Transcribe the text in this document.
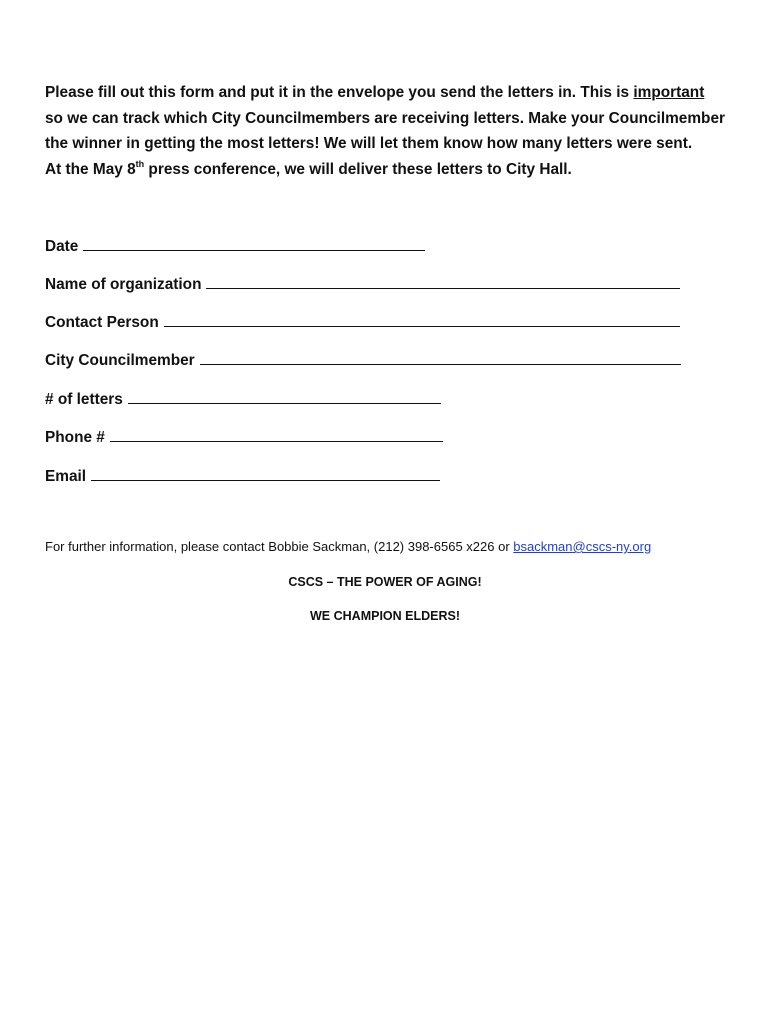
Please fill out this form and put it in the envelope you send the letters in. This is important
so we can track which City Councilmembers are receiving letters. Make your Councilmember
the winner in getting the most letters! We will let them know how many letters were sent.
At the May 8th press conference, we will deliver these letters to City Hall.
Date
Name of organization
Contact Person
City Councilmember
# of letters
Phone #
Email
For further information, please contact Bobbie Sackman, (212) 398-6565 x226 or bsackman@cscs-ny.org
CSCS – THE POWER OF AGING!
WE CHAMPION ELDERS!
